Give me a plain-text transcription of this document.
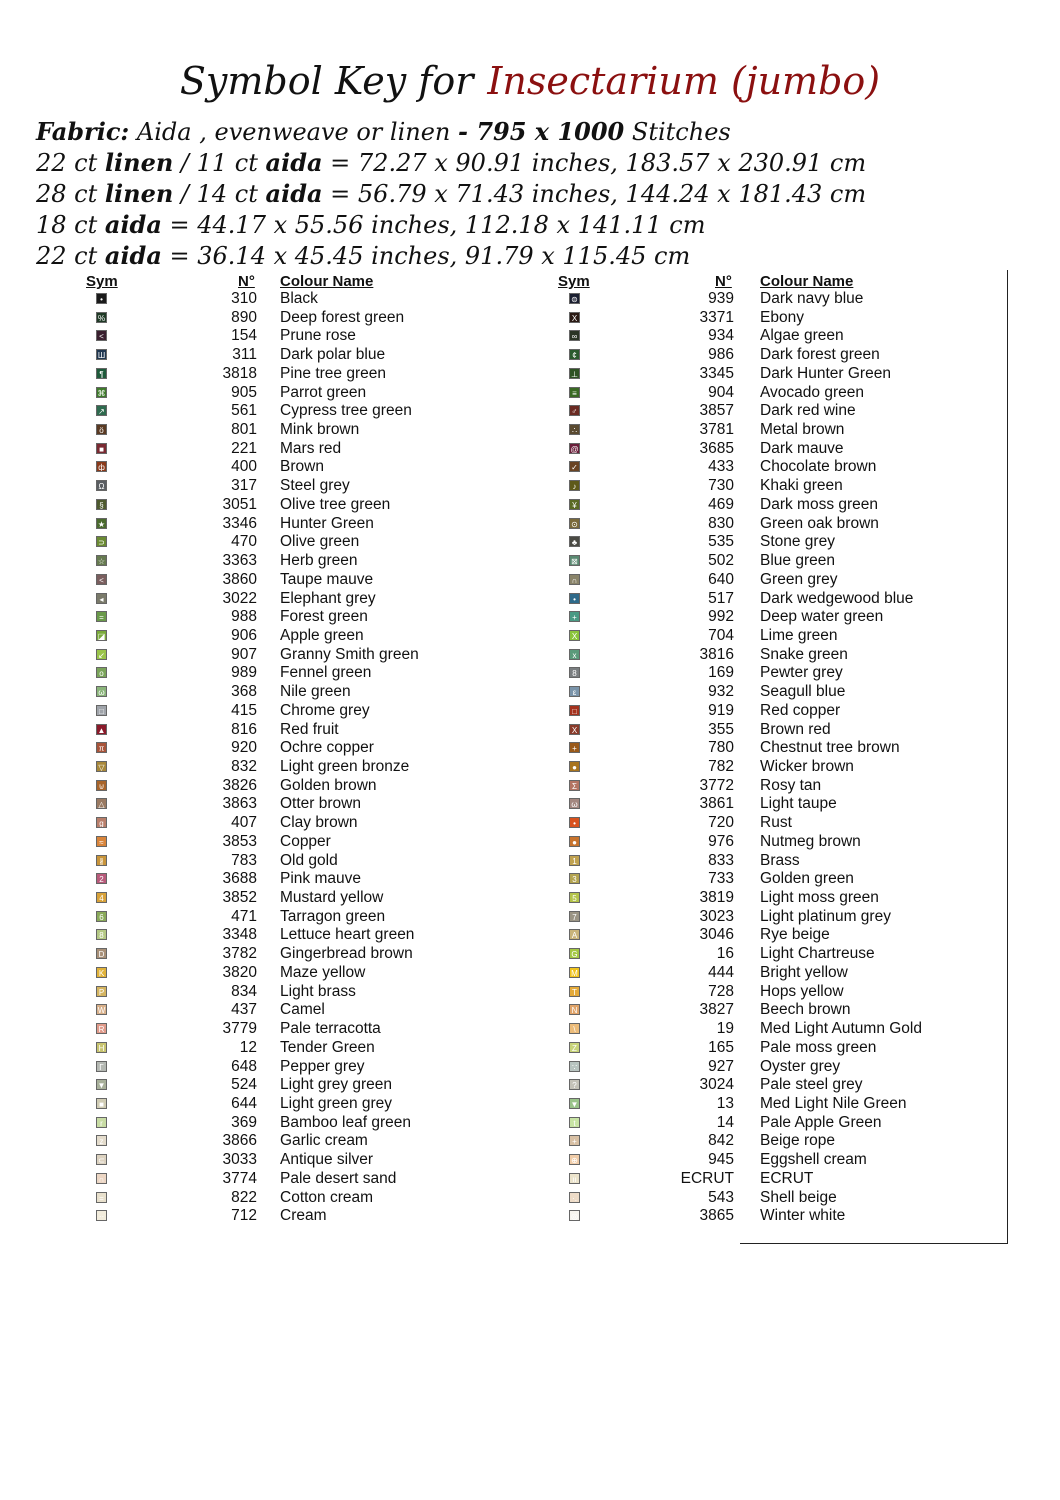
Symbol Key for Insectarium (jumbo)
Fabric: Aida , evenweave or linen - 795 x 1000 Stitches
22 ct linen / 11 ct aida = 72.27 x 90.91 inches, 183.57 x 230.91 cm
28 ct linen / 14 ct aida = 56.79 x 71.43 inches, 144.24 x 181.43 cm
18 ct aida = 44.17 x 55.56 inches, 112.18 x 141.11 cm
22 ct aida = 36.14 x 45.45 inches, 91.79 x 115.45 cm
Sym	N° Colour Name	Sym	N° Colour Name
•	310 Black
%	890 Deep forest green
<	154 Prune rose
Ш	311 Dark polar blue
¶	3818 Pine tree green
⌘	905 Parrot green
↗	561 Cypress tree green
ö	801 Mink brown
■	221 Mars red
ф	400 Brown
Ω	317 Steel grey
§	3051 Olive tree green
★	3346 Hunter Green
⊃	470 Olive green
☆	3363 Herb green
<	3860 Taupe mauve
◂	3022 Elephant grey
=	988 Forest green
◪	906 Apple green
↙	907 Granny Smith green
o	989 Fennel green
ω	368 Nile green
□	415 Chrome grey
▲	816 Red fruit
π	920 Ochre copper
▽	832 Light green bronze
⊍	3826 Golden brown
△	3863 Otter brown
g	407 Clay brown
≈	3853 Copper
∦	783 Old gold
2	3688 Pink mauve
4	3852 Mustard yellow
6	471 Tarragon green
8	3348 Lettuce heart green
D	3782 Gingerbread brown
K	3820 Maze yellow
P	834 Light brass
W	437 Camel
R	3779 Pale terracotta
H	12 Tender Green
Γ	648 Pepper grey
▼	524 Light grey green
■	644 Light green grey
r	369 Bamboo leaf green
z	3866 Garlic cream
⊂	3033 Antique silver
∩	3774 Pale desert sand
=	822 Cotton cream
··	712 Cream
⊜	939 Dark navy blue
X	3371 Ebony
∞	934 Algae green
¢	986 Dark forest green
⊥	3345 Dark Hunter Green
≡	904 Avocado green
♂	3857 Dark red wine
∴	3781 Metal brown
@	3685 Dark mauve
✓	433 Chocolate brown
♪	730 Khaki green
¥	469 Dark moss green
⊙	830 Green oak brown
♣	535 Stone grey
⊠	502 Blue green
∩	640 Green grey
•	517 Dark wedgewood blue
+	992 Deep water green
X	704 Lime green
x	3816 Snake green
8	169 Pewter grey
ε	932 Seagull blue
□	919 Red copper
X	355 Brown red
+	780 Chestnut tree brown
●	782 Wicker brown
Σ	3772 Rosy tan
ω	3861 Light taupe
•	720 Rust
●	976 Nutmeg brown
1	833 Brass
3	733 Golden green
5	3819 Light moss green
7	3023 Light platinum grey
A	3046 Rye beige
G	16 Light Chartreuse
M	444 Bright yellow
T	728 Hops yellow
N	3827 Beech brown
\	19 Med Light Autumn Gold
Z	165 Pale moss green
∵	927 Oyster grey
?	3024 Pale steel grey
▼	13 Med Light Nile Green
t	14 Pale Apple Green
+	842 Beige rope
⊕	945 Eggshell cream
ıı	ECRUT ECRUT
·.	543 Shell beige
◎	3865 Winter white
